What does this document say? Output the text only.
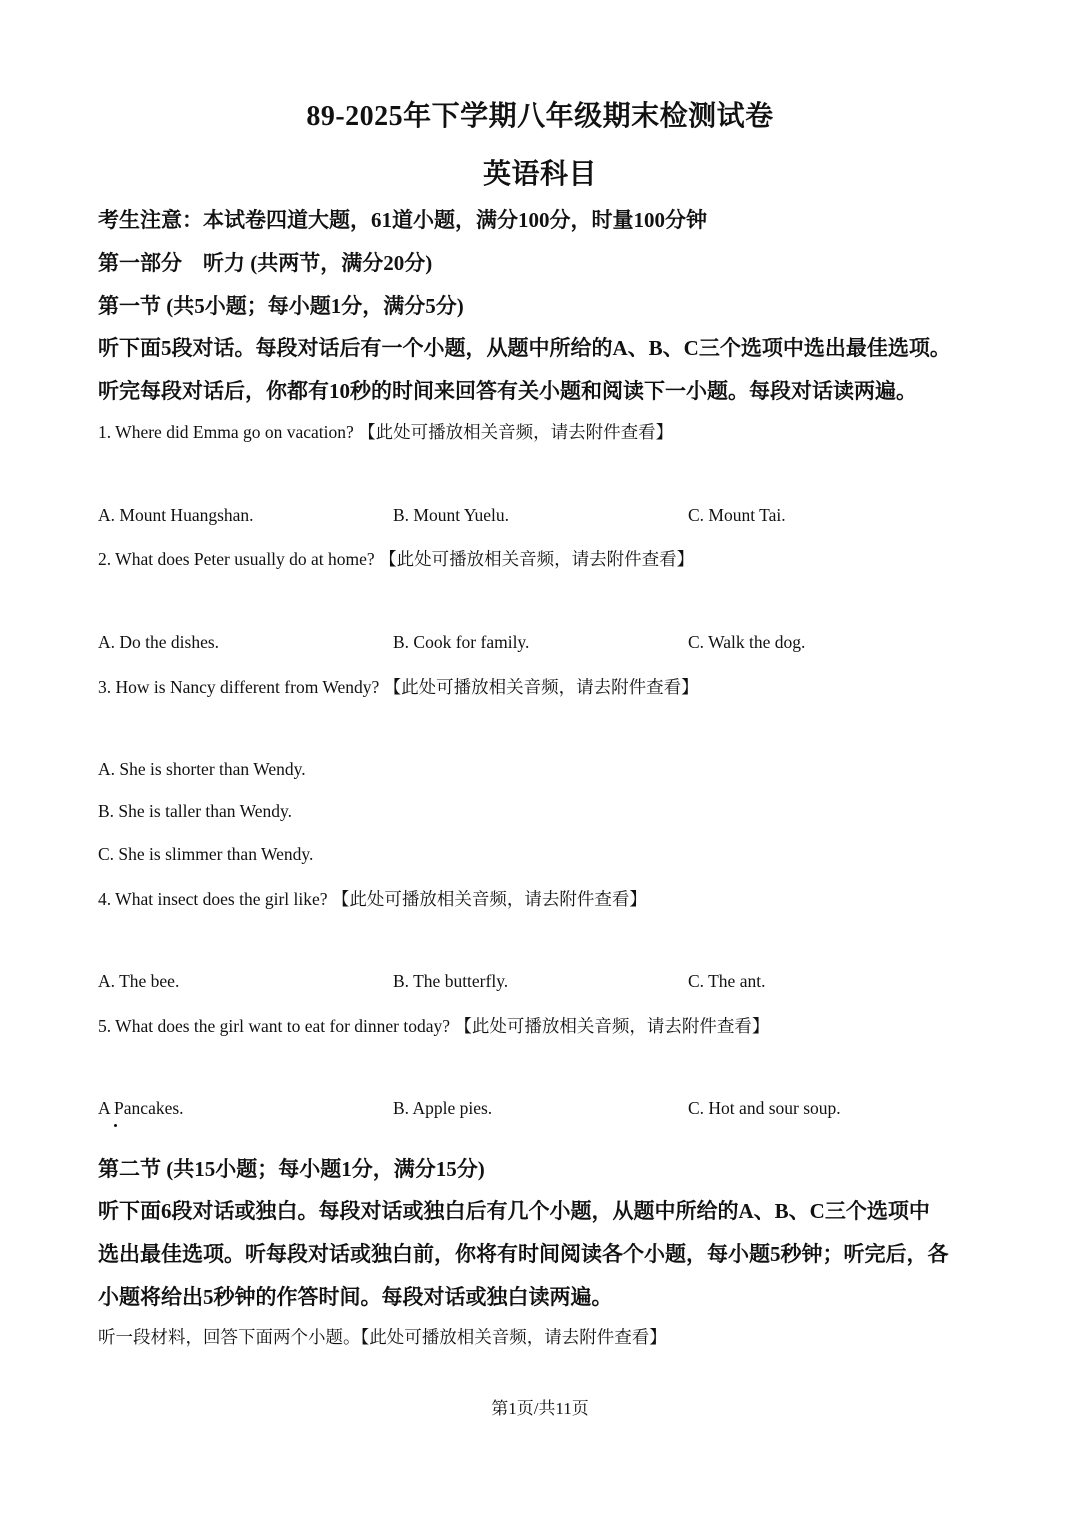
89-2025年下学期八年级期末检测试卷
英语科目
考生注意：本试卷四道大题，61道小题，满分100分，时量100分钟
第一部分　听力 (共两节，满分20分)
第一节 (共5小题；每小题1分，满分5分)
听下面5段对话。每段对话后有一个小题，从题中所给的A、B、C三个选项中选出最佳选项。
听完每段对话后，你都有10秒的时间来回答有关小题和阅读下一小题。每段对话读两遍。
1. Where did Emma go on vacation? 【此处可播放相关音频，请去附件查看】
A. Mount Huangshan.	B. Mount Yuelu.	C. Mount Tai.
2. What does Peter usually do at home? 【此处可播放相关音频，请去附件查看】
A. Do the dishes.	B. Cook for family.	C. Walk the dog.
3. How is Nancy different from Wendy? 【此处可播放相关音频，请去附件查看】
A. She is shorter than Wendy.
B. She is taller than Wendy.
C. She is slimmer than Wendy.
4. What insect does the girl like? 【此处可播放相关音频，请去附件查看】
A. The bee.	B. The butterfly.	C. The ant.
5. What does the girl want to eat for dinner today? 【此处可播放相关音频，请去附件查看】
A Pancakes.	B. Apple pies.	C. Hot and sour soup.
第二节 (共15小题；每小题1分，满分15分)
听下面6段对话或独白。每段对话或独白后有几个小题，从题中所给的A、B、C三个选项中
选出最佳选项。听每段对话或独白前，你将有时间阅读各个小题，每小题5秒钟；听完后，各
小题将给出5秒钟的作答时间。每段对话或独白读两遍。
听一段材料，回答下面两个小题。【此处可播放相关音频，请去附件查看】
第1页/共11页
